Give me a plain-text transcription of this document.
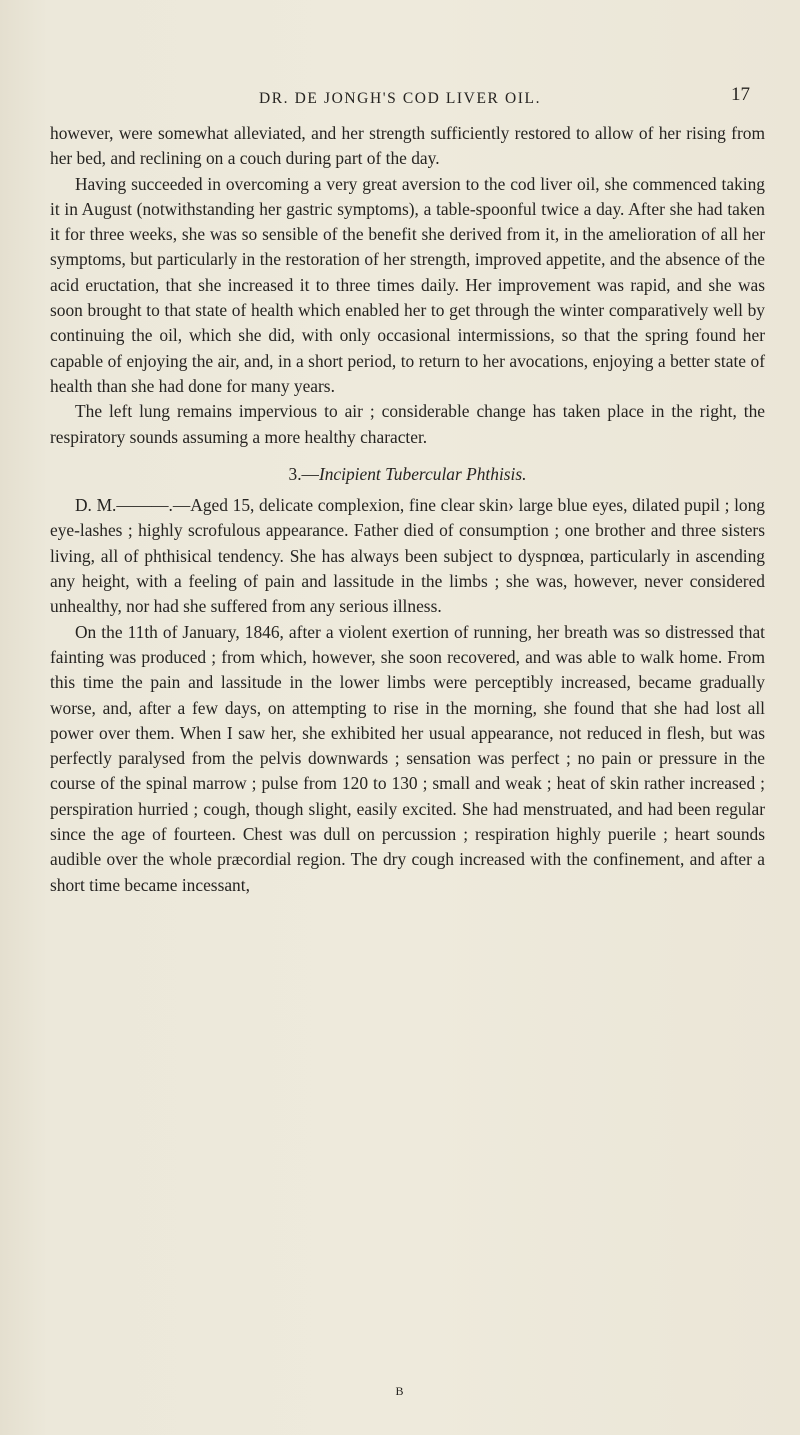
DR. DE JONGH'S COD LIVER OIL.	17

however, were somewhat alleviated, and her strength sufficiently restored to allow of her rising from her bed, and reclining on a couch during part of the day.

Having succeeded in overcoming a very great aversion to the cod liver oil, she commenced taking it in August (notwithstanding her gastric symptoms), a table-spoonful twice a day. After she had taken it for three weeks, she was so sensible of the benefit she derived from it, in the amelioration of all her symptoms, but particularly in the restoration of her strength, improved appetite, and the absence of the acid eructation, that she increased it to three times daily. Her improvement was rapid, and she was soon brought to that state of health which enabled her to get through the winter comparatively well by continuing the oil, which she did, with only occasional intermissions, so that the spring found her capable of enjoying the air, and, in a short period, to return to her avocations, enjoying a better state of health than she had done for many years.

The left lung remains impervious to air ; considerable change has taken place in the right, the respiratory sounds assuming a more healthy character.

3.—Incipient Tubercular Phthisis.

D. M.———.—Aged 15, delicate complexion, fine clear skin› large blue eyes, dilated pupil ; long eye-lashes ; highly scrofulous appearance. Father died of consumption ; one brother and three sisters living, all of phthisical tendency. She has always been subject to dyspnœa, particularly in ascending any height, with a feeling of pain and lassitude in the limbs ; she was, however, never considered unhealthy, nor had she suffered from any serious illness.

On the 11th of January, 1846, after a violent exertion of running, her breath was so distressed that fainting was produced ; from which, however, she soon recovered, and was able to walk home. From this time the pain and lassitude in the lower limbs were perceptibly increased, became gradually worse, and, after a few days, on attempting to rise in the morning, she found that she had lost all power over them. When I saw her, she exhibited her usual appearance, not reduced in flesh, but was perfectly paralysed from the pelvis downwards ; sensation was perfect ; no pain or pressure in the course of the spinal marrow ; pulse from 120 to 130 ; small and weak ; heat of skin rather increased ; perspiration hurried ; cough, though slight, easily excited. She had menstruated, and had been regular since the age of fourteen. Chest was dull on percussion ; respiration highly puerile ; heart sounds audible over the whole præcordial region. The dry cough increased with the confinement, and after a short time became incessant,

B
